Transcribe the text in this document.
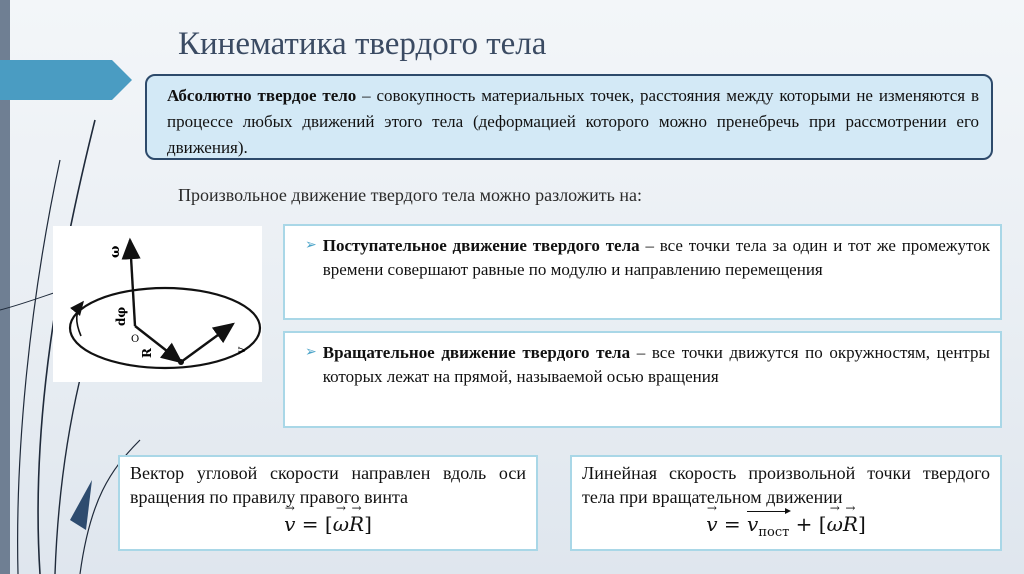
Кинематика твердого тела
Абсолютно твердое тело – совокупность материальных точек, расстояния между которыми не изменяются в процессе любых движений этого тела (деформацией которого можно пренебречь при рассмотрении его движения).
Произвольное движение твердого тела можно разложить на:
ω
dφ
R	v
O
➢ Поступательное движение твердого тела – все точки тела за один и тот же промежуток времени совершают равные по модулю и направлению перемещения
➢ Вращательное движение твердого тела – все точки движутся по окружностям, центры которых лежат на прямой, называемой осью вращения
Вектор угловой скорости направлен вдоль оси вращения по правилу правого винта
→ v = [→ ω→ R]
Линейная скорость произвольной точки твердого тела при вращательном движении
→ $v = v_{пост}$ + [→ ω→ R]
